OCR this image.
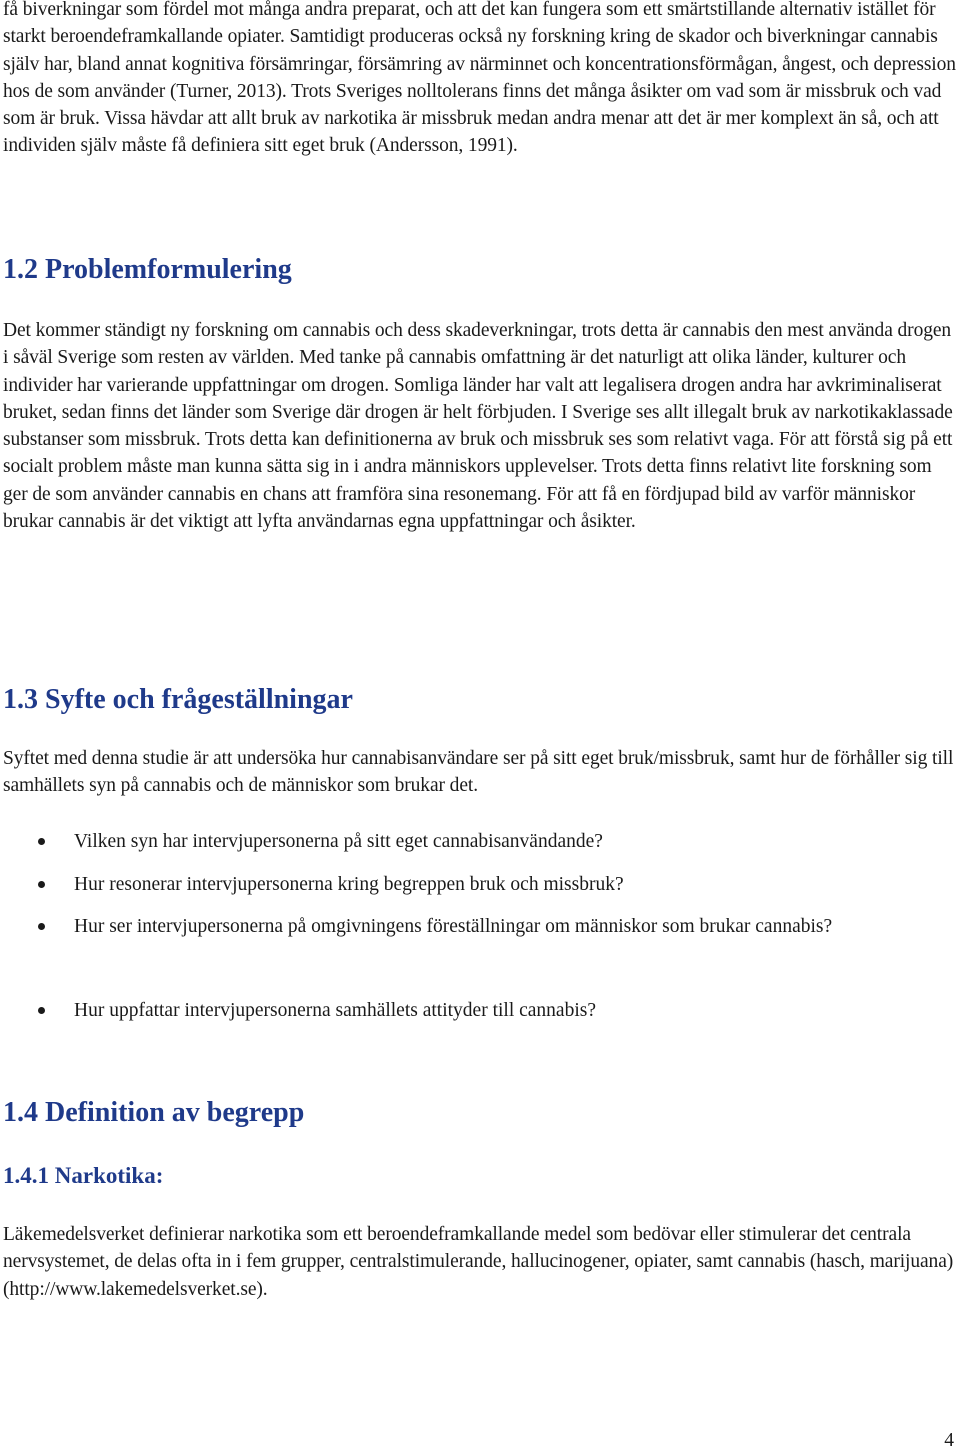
få biverkningar som fördel mot många andra preparat, och att det kan fungera som ett smärtstillande alternativ istället för starkt beroendeframkallande opiater. Samtidigt produceras också ny forskning kring de skador och biverkningar cannabis själv har, bland annat kognitiva försämringar, försämring av närminnet och koncentrationsförmågan, ångest, och depression hos de som använder (Turner, 2013). Trots Sveriges nolltolerans finns det många åsikter om vad som är missbruk och vad som är bruk. Vissa hävdar att allt bruk av narkotika är missbruk medan andra menar att det är mer komplext än så, och att individen själv måste få definiera sitt eget bruk (Andersson, 1991).

1.2 Problemformulering

Det kommer ständigt ny forskning om cannabis och dess skadeverkningar, trots detta är cannabis den mest använda drogen i såväl Sverige som resten av världen. Med tanke på cannabis omfattning är det naturligt att olika länder, kulturer och individer har varierande uppfattningar om drogen. Somliga länder har valt att legalisera drogen andra har avkriminaliserat bruket, sedan finns det länder som Sverige där drogen är helt förbjuden. I Sverige ses allt illegalt bruk av narkotikaklassade substanser som missbruk. Trots detta kan definitionerna av bruk och missbruk ses som relativt vaga. För att förstå sig på ett socialt problem måste man kunna sätta sig in i andra människors upplevelser. Trots detta finns relativt lite forskning som ger de som använder cannabis en chans att framföra sina resonemang. För att få en fördjupad bild av varför människor brukar cannabis är det viktigt att lyfta användarnas egna uppfattningar och åsikter.

1.3 Syfte och frågeställningar

Syftet med denna studie är att undersöka hur cannabisanvändare ser på sitt eget bruk/missbruk, samt hur de förhåller sig till samhällets syn på cannabis och de människor som brukar det.

Vilken syn har intervjupersonerna på sitt eget cannabisanvändande?
Hur resonerar intervjupersonerna kring begreppen bruk och missbruk?
Hur ser intervjupersonerna på omgivningens föreställningar om människor som brukar cannabis?
Hur uppfattar intervjupersonerna samhällets attityder till cannabis?
1.4 Definition av begrepp
1.4.1 Narkotika:

Läkemedelsverket definierar narkotika som ett beroendeframkallande medel som bedövar eller stimulerar det centrala nervsystemet, de delas ofta in i fem grupper, centralstimulerande, hallucinogener, opiater, samt cannabis (hasch, marijuana) (http://www.lakemedelsverket.se).

4
